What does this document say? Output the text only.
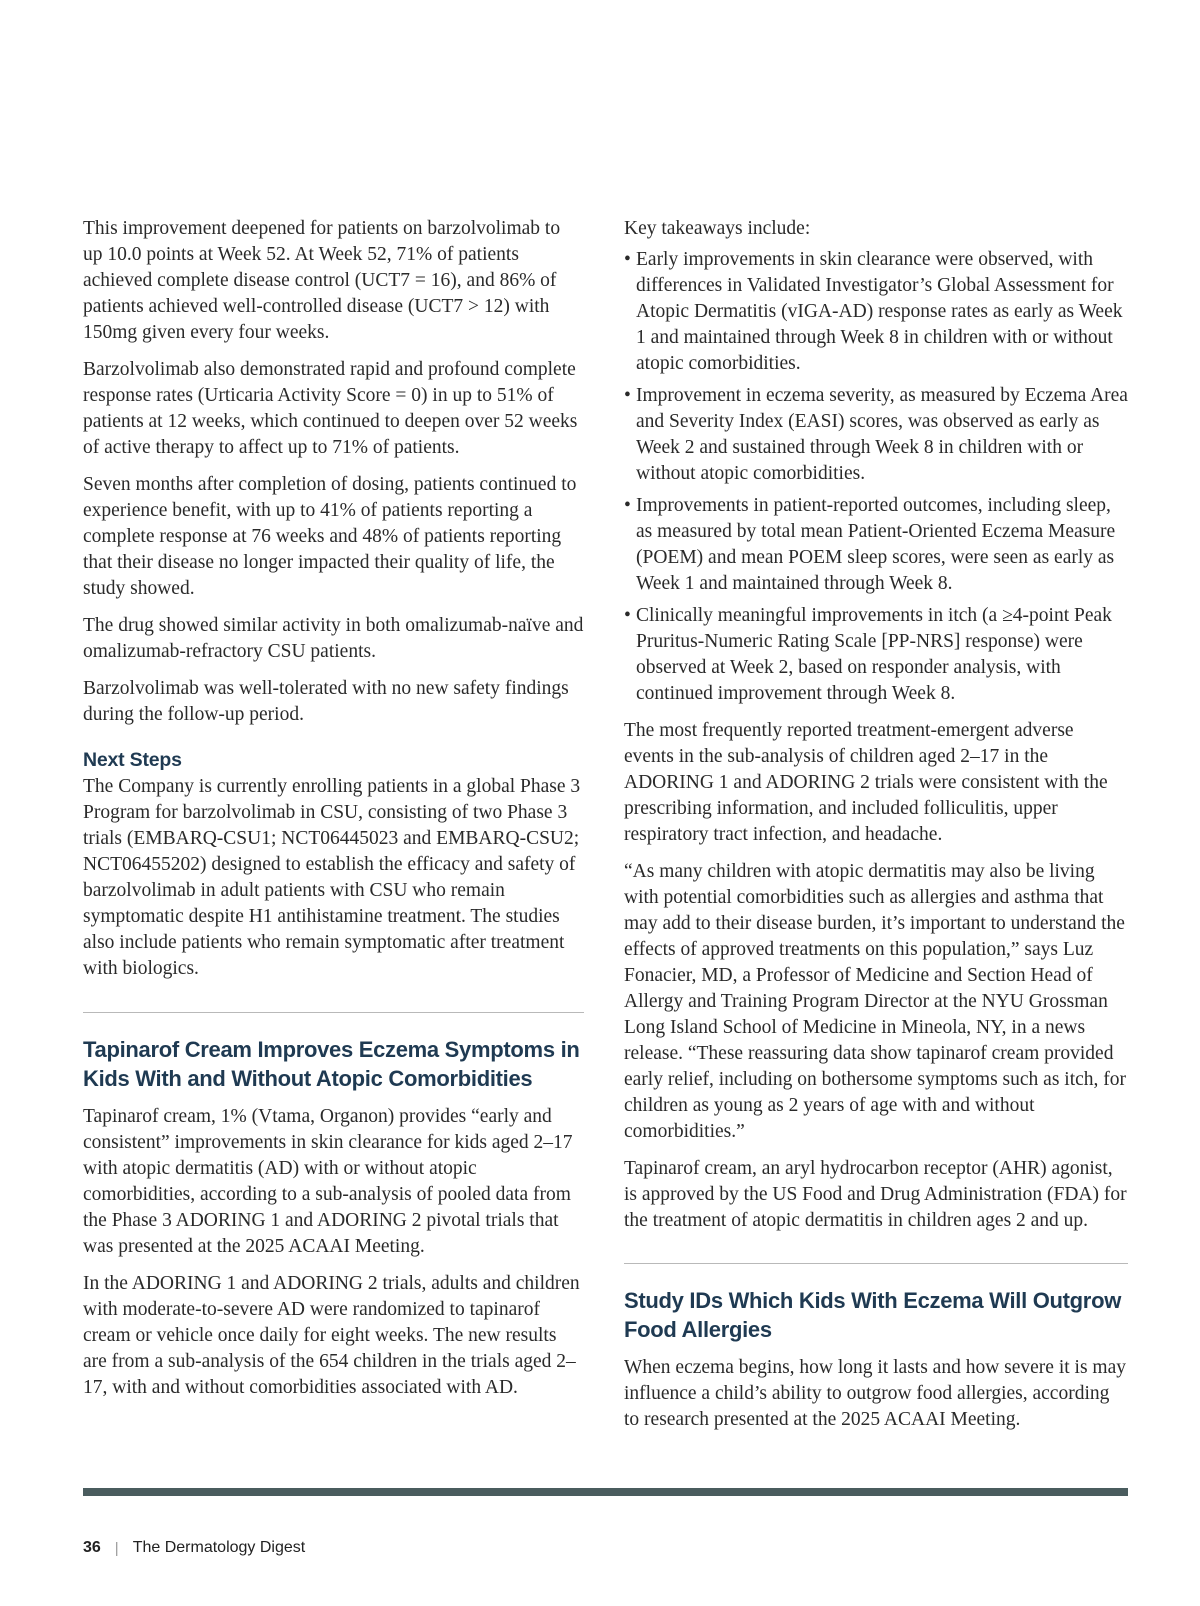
This improvement deepened for patients on barzolvolimab to up 10.0 points at Week 52. At Week 52, 71% of patients achieved complete disease control (UCT7 = 16), and 86% of patients achieved well-controlled disease (UCT7 > 12) with 150mg given every four weeks.

Barzolvolimab also demonstrated rapid and profound complete response rates (Urticaria Activity Score = 0) in up to 51% of patients at 12 weeks, which continued to deepen over 52 weeks of active therapy to affect up to 71% of patients.

Seven months after completion of dosing, patients continued to experience benefit, with up to 41% of patients reporting a complete response at 76 weeks and 48% of patients reporting that their disease no longer impacted their quality of life, the study showed.

The drug showed similar activity in both omalizumab-naïve and omalizumab-refractory CSU patients.

Barzolvolimab was well-tolerated with no new safety findings during the follow-up period.

Next Steps

The Company is currently enrolling patients in a global Phase 3 Program for barzolvolimab in CSU, consisting of two Phase 3 trials (EMBARQ-CSU1; NCT06445023 and EMBARQ-CSU2; NCT06455202) designed to establish the efficacy and safety of barzolvolimab in adult patients with CSU who remain symptomatic despite H1 antihistamine treatment. The studies also include patients who remain symptomatic after treatment with biologics.

Tapinarof Cream Improves Eczema Symptoms in Kids With and Without Atopic Comorbidities

Tapinarof cream, 1% (Vtama, Organon) provides “early and consistent” improvements in skin clearance for kids aged 2–17 with atopic dermatitis (AD) with or without atopic comorbidities, according to a sub-analysis of pooled data from the Phase 3 ADORING 1 and ADORING 2 pivotal trials that was presented at the 2025 ACAAI Meeting.

In the ADORING 1 and ADORING 2 trials, adults and children with moderate-to-severe AD were randomized to tapinarof cream or vehicle once daily for eight weeks. The new results are from a sub-analysis of the 654 children in the trials aged 2–17, with and without comorbidities associated with AD.

Key takeaways include:

• Early improvements in skin clearance were observed, with differences in Validated Investigator’s Global Assessment for Atopic Dermatitis (vIGA-AD) response rates as early as Week 1 and maintained through Week 8 in children with or without atopic comorbidities.
• Improvement in eczema severity, as measured by Eczema Area and Severity Index (EASI) scores, was observed as early as Week 2 and sustained through Week 8 in children with or without atopic comorbidities.
• Improvements in patient-reported outcomes, including sleep, as measured by total mean Patient-Oriented Eczema Measure (POEM) and mean POEM sleep scores, were seen as early as Week 1 and maintained through Week 8.
• Clinically meaningful improvements in itch (a ≥4-point Peak Pruritus-Numeric Rating Scale [PP-NRS] response) were observed at Week 2, based on responder analysis, with continued improvement through Week 8.

The most frequently reported treatment-emergent adverse events in the sub-analysis of children aged 2–17 in the ADORING 1 and ADORING 2 trials were consistent with the prescribing information, and included folliculitis, upper respiratory tract infection, and headache.

“As many children with atopic dermatitis may also be living with potential comorbidities such as allergies and asthma that may add to their disease burden, it’s important to understand the effects of approved treatments on this population,” says Luz Fonacier, MD, a Professor of Medicine and Section Head of Allergy and Training Program Director at the NYU Grossman Long Island School of Medicine in Mineola, NY, in a news release. “These reassuring data show tapinarof cream provided early relief, including on bothersome symptoms such as itch, for children as young as 2 years of age with and without comorbidities.”

Tapinarof cream, an aryl hydrocarbon receptor (AHR) agonist, is approved by the US Food and Drug Administration (FDA) for the treatment of atopic dermatitis in children ages 2 and up.

Study IDs Which Kids With Eczema Will Outgrow Food Allergies

When eczema begins, how long it lasts and how severe it is may influence a child’s ability to outgrow food allergies, according to research presented at the 2025 ACAAI Meeting.

36 | The Dermatology Digest
